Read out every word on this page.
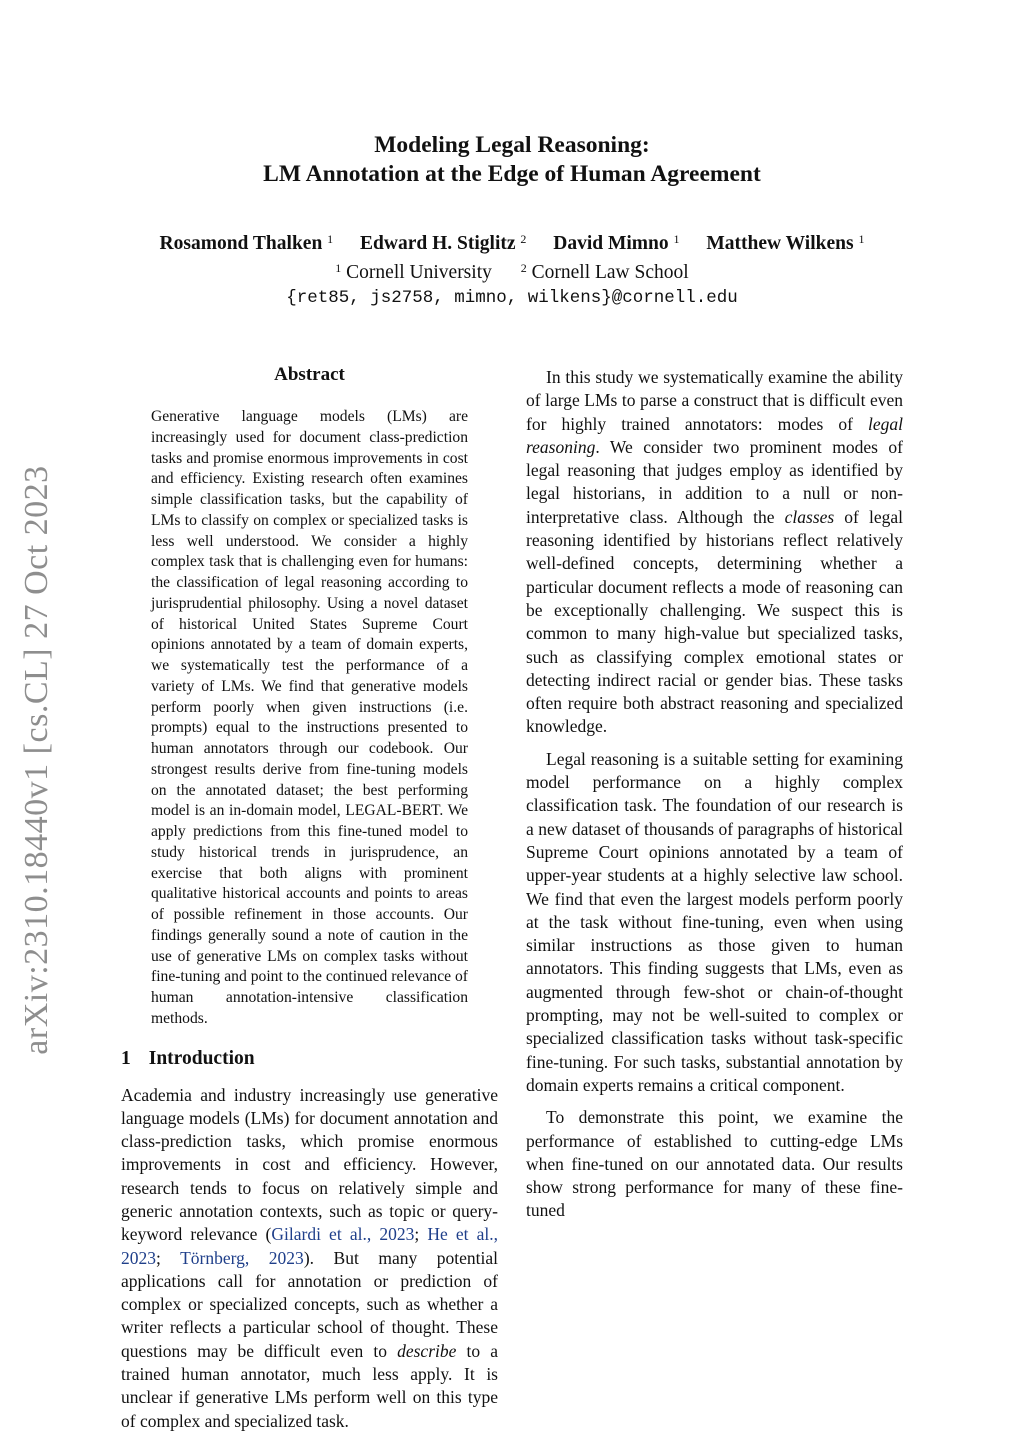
arXiv:2310.18440v1 [cs.CL] 27 Oct 2023
Modeling Legal Reasoning:
LM Annotation at the Edge of Human Agreement
Rosamond Thalken $^1$ Edward H. Stiglitz $^2$ David Mimno $^1$ Matthew Wilkens $^1$
$^1$ Cornell University $^2$ Cornell Law School
{ret85, js2758, mimno, wilkens}@cornell.edu
Abstract
Generative language models (LMs) are increasingly used for document class-prediction tasks and promise enormous improvements in cost and efficiency. Existing research often examines simple classification tasks, but the capability of LMs to classify on complex or specialized tasks is less well understood. We consider a highly complex task that is challenging even for humans: the classification of legal reasoning according to jurisprudential philosophy. Using a novel dataset of historical United States Supreme Court opinions annotated by a team of domain experts, we systematically test the performance of a variety of LMs. We find that generative models perform poorly when given instructions (i.e. prompts) equal to the instructions presented to human annotators through our codebook. Our strongest results derive from fine-tuning models on the annotated dataset; the best performing model is an in-domain model, LEGAL-BERT. We apply predictions from this fine-tuned model to study historical trends in jurisprudence, an exercise that both aligns with prominent qualitative historical accounts and points to areas of possible refinement in those accounts. Our findings generally sound a note of caution in the use of generative LMs on complex tasks without fine-tuning and point to the continued relevance of human annotation-intensive classification methods.
1 Introduction

Academia and industry increasingly use generative language models (LMs) for document annotation and class-prediction tasks, which promise enormous improvements in cost and efficiency. However, research tends to focus on relatively simple and generic annotation contexts, such as topic or query-keyword relevance (Gilardi et al., 2023; He et al., 2023; Törnberg, 2023). But many potential applications call for annotation or prediction of complex or specialized concepts, such as whether a writer reflects a particular school of thought. These questions may be difficult even to describe to a trained human annotator, much less apply. It is unclear if generative LMs perform well on this type of complex and specialized task.

In this study we systematically examine the ability of large LMs to parse a construct that is difficult even for highly trained annotators: modes of legal reasoning. We consider two prominent modes of legal reasoning that judges employ as identified by legal historians, in addition to a null or non-interpretative class. Although the classes of legal reasoning identified by historians reflect relatively well-defined concepts, determining whether a particular document reflects a mode of reasoning can be exceptionally challenging. We suspect this is common to many high-value but specialized tasks, such as classifying complex emotional states or detecting indirect racial or gender bias. These tasks often require both abstract reasoning and specialized knowledge.

Legal reasoning is a suitable setting for examining model performance on a highly complex classification task. The foundation of our research is a new dataset of thousands of paragraphs of historical Supreme Court opinions annotated by a team of upper-year students at a highly selective law school. We find that even the largest models perform poorly at the task without fine-tuning, even when using similar instructions as those given to human annotators. This finding suggests that LMs, even as augmented through few-shot or chain-of-thought prompting, may not be well-suited to complex or specialized classification tasks without task-specific fine-tuning. For such tasks, substantial annotation by domain experts remains a critical component.

To demonstrate this point, we examine the performance of established to cutting-edge LMs when fine-tuned on our annotated data. Our results show strong performance for many of these fine-tuned
